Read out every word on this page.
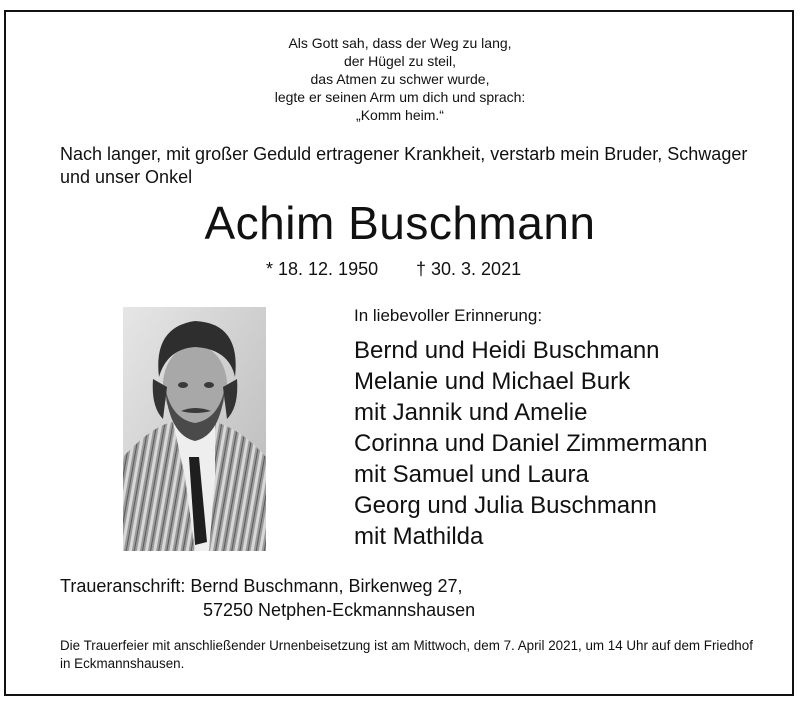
Als Gott sah, dass der Weg zu lang,
der Hügel zu steil,
das Atmen zu schwer wurde,
legte er seinen Arm um dich und sprach:
„Komm heim.“
Nach langer, mit großer Geduld ertragener Krankheit, verstarb mein Bruder, Schwager und unser Onkel
Achim Buschmann
* 18. 12. 1950 † 30. 3. 2021
In liebevoller Erinnerung:
Bernd und Heidi Buschmann
Melanie und Michael Burk
mit Jannik und Amelie
Corinna und Daniel Zimmermann
mit Samuel und Laura
Georg und Julia Buschmann
mit Mathilda
Traueranschrift: Bernd Buschmann, Birkenweg 27,
57250 Netphen-Eckmannshausen
Die Trauerfeier mit anschließender Urnenbeisetzung ist am Mittwoch, dem 7. April 2021, um 14 Uhr auf dem Friedhof in Eckmannshausen.
